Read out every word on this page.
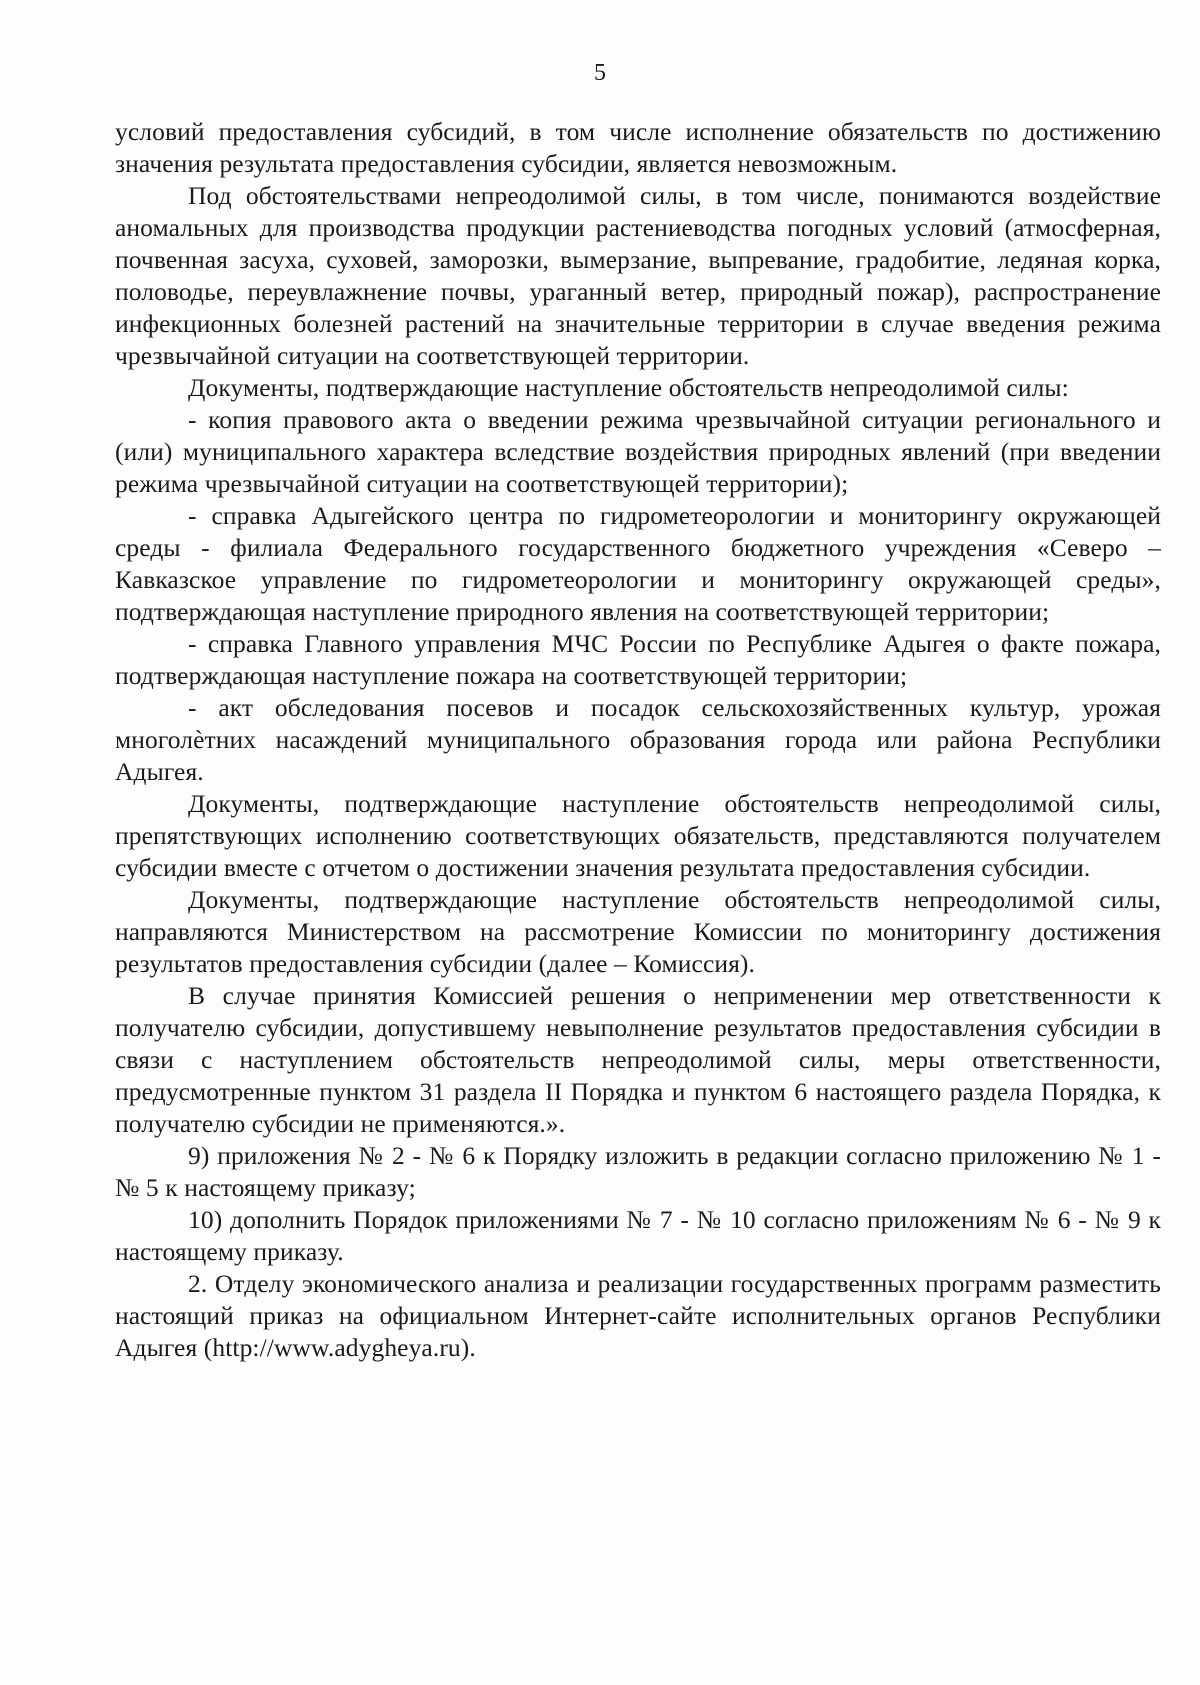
5

условий предоставления субсидий, в том числе исполнение обязательств по достижению значения результата предоставления субсидии, является невозможным.

Под обстоятельствами непреодолимой силы, в том числе, понимаются воздействие аномальных для производства продукции растениеводства погодных условий (атмосферная, почвенная засуха, суховей, заморозки, вымерзание, выпревание, градобитие, ледяная корка, половодье, переувлажнение почвы, ураганный ветер, природный пожар), распространение инфекционных болезней растений на значительные территории в случае введения режима чрезвычайной ситуации на соответствующей территории.

Документы, подтверждающие наступление обстоятельств непреодолимой силы:

- копия правового акта о введении режима чрезвычайной ситуации регионального и (или) муниципального характера вследствие воздействия природных явлений (при введении режима чрезвычайной ситуации на соответствующей территории);

- справка Адыгейского центра по гидрометеорологии и мониторингу окружающей среды - филиала Федерального государственного бюджетного учреждения «Северо – Кавказское управление по гидрометеорологии и мониторингу окружающей среды», подтверждающая наступление природного явления на соответствующей территории;

- справка Главного управления МЧС России по Республике Адыгея о факте пожара, подтверждающая наступление пожара на соответствующей территории;

- акт обследования посевов и посадок сельскохозяйственных культур, урожая многолѐтних насаждений муниципального образования города или района Республики Адыгея.

Документы, подтверждающие наступление обстоятельств непреодолимой силы, препятствующих исполнению соответствующих обязательств, представляются получателем субсидии вместе с отчетом о достижении значения результата предоставления субсидии.

Документы, подтверждающие наступление обстоятельств непреодолимой силы, направляются Министерством на рассмотрение Комиссии по мониторингу достижения результатов предоставления субсидии (далее – Комиссия).

В случае принятия Комиссией решения о неприменении мер ответственности к получателю субсидии, допустившему невыполнение результатов предоставления субсидии в связи с наступлением обстоятельств непреодолимой силы, меры ответственности, предусмотренные пунктом 31 раздела II Порядка и пунктом 6 настоящего раздела Порядка, к получателю субсидии не применяются.».

9) приложения № 2 - № 6 к Порядку изложить в редакции согласно приложению № 1 - № 5 к настоящему приказу;

10) дополнить Порядок приложениями № 7 - № 10 согласно приложениям № 6 - № 9 к настоящему приказу.

2. Отделу экономического анализа и реализации государственных программ разместить настоящий приказ на официальном Интернет-сайте исполнительных органов Республики Адыгея (http://www.adygheya.ru).
